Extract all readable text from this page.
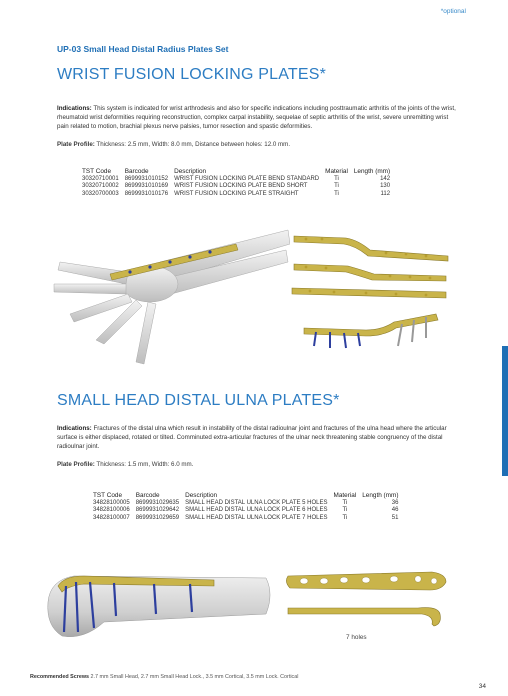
*optional
UP-03 Small Head Distal Radius Plates Set
WRIST FUSION LOCKING PLATES*
Indications: This system is indicated for wrist arthrodesis and also for specific indications including posttraumatic arthritis of the joints of the wrist, rheumatoid wrist deformities requiring reconstruction, complex carpal instability, sequelae of septic arthritis of the wrist, severe unremitting wrist pain related to motion, brachial plexus nerve palsies, tumor resection and spastic deformities.
Plate Profile: Thickness: 2.5 mm, Width: 8.0 mm, Distance between holes: 12.0 mm.
TST Code	Barcode	Description	Material	Length (mm)
30320710001	8699931010152	WRIST FUSION LOCKING PLATE BEND STANDARD	Ti	142
30320710002	8699931010169	WRIST FUSION LOCKING PLATE BEND SHORT	Ti	130
30320700003	8699931010176	WRIST FUSION LOCKING PLATE STRAIGHT	Ti	112
SMALL HEAD DISTAL ULNA PLATES*
Indications: Fractures of the distal ulna which result in instability of the distal radioulnar joint and fractures of the ulna head where the articular surface is either displaced, rotated or tilted. Comminuted extra-articular fractures of the ulnar neck threatening stable congruency of the distal radioulnar joint.
Plate Profile: Thickness: 1.5 mm, Width: 6.0 mm.
TST Code	Barcode	Description	Material	Length (mm)
34828100005	8699931029635	SMALL HEAD DISTAL ULNA LOCK PLATE 5 HOLES	Ti	36
34828100006	8699931029642	SMALL HEAD DISTAL ULNA LOCK PLATE 6 HOLES	Ti	46
34828100007	8699931029659	SMALL HEAD DISTAL ULNA LOCK PLATE 7 HOLES	Ti	51
7 holes
Recommended Screws 2.7 mm Small Head, 2.7 mm Small Head Lock., 3.5 mm Cortical, 3.5 mm Lock. Cortical
34
